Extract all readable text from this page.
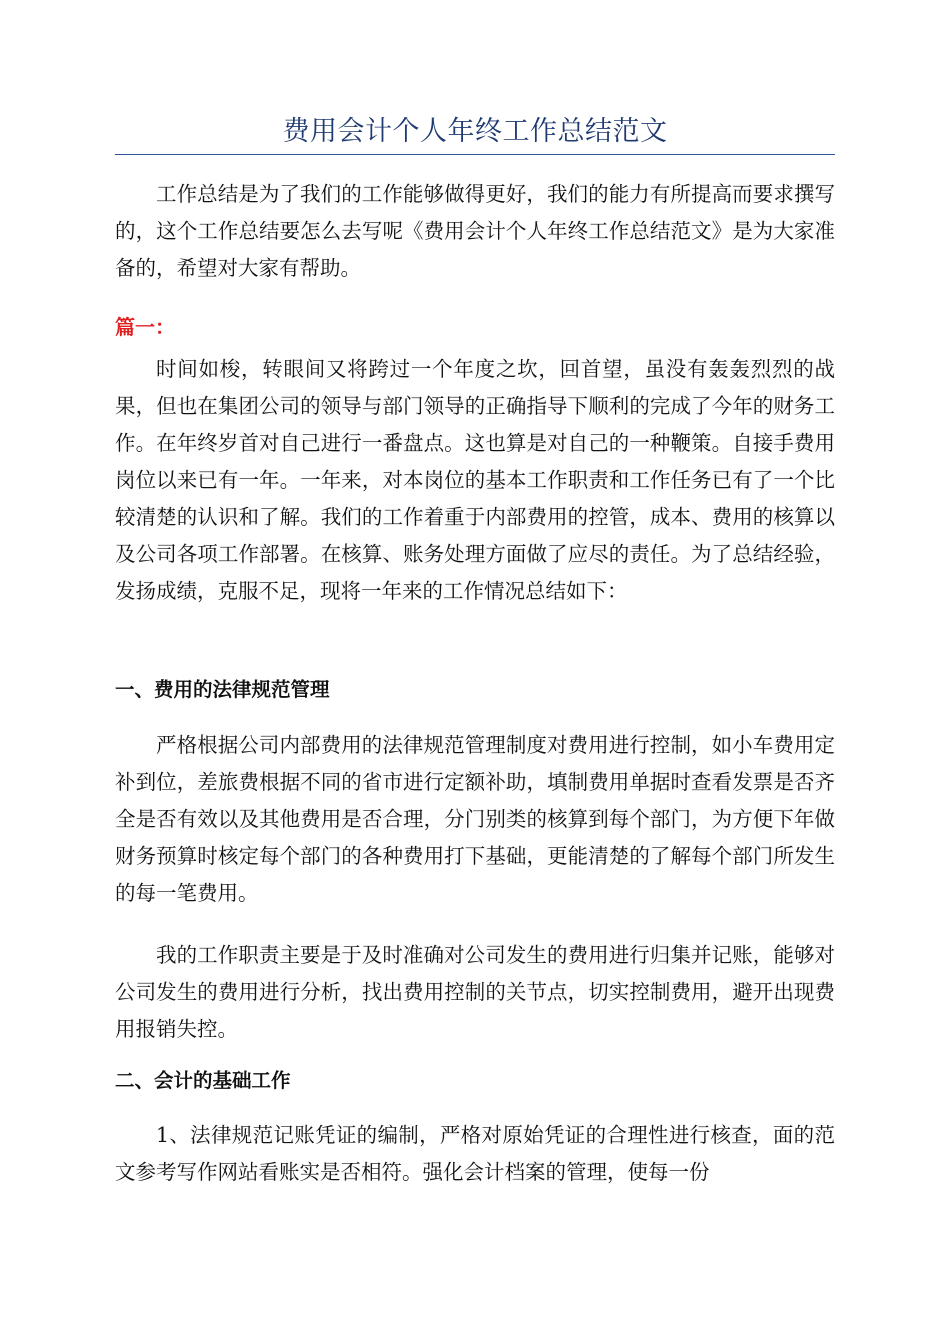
费用会计个人年终工作总结范文

工作总结是为了我们的工作能够做得更好，我们的能力有所提高而要求撰写的，这个工作总结要怎么去写呢《费用会计个人年终工作总结范文》是为大家准备的，希望对大家有帮助。

篇一：

时间如梭，转眼间又将跨过一个年度之坎，回首望，虽没有轰轰烈烈的战果，但也在集团公司的领导与部门领导的正确指导下顺利的完成了今年的财务工作。在年终岁首对自己进行一番盘点。这也算是对自己的一种鞭策。自接手费用岗位以来已有一年。一年来，对本岗位的基本工作职责和工作任务已有了一个比较清楚的认识和了解。我们的工作着重于内部费用的控管，成本、费用的核算以及公司各项工作部署。在核算、账务处理方面做了应尽的责任。为了总结经验，发扬成绩，克服不足，现将一年来的工作情况总结如下：

一、费用的法律规范管理

严格根据公司内部费用的法律规范管理制度对费用进行控制，如小车费用定补到位，差旅费根据不同的省市进行定额补助，填制费用单据时查看发票是否齐全是否有效以及其他费用是否合理，分门别类的核算到每个部门，为方便下年做财务预算时核定每个部门的各种费用打下基础，更能清楚的了解每个部门所发生的每一笔费用。

我的工作职责主要是于及时准确对公司发生的费用进行归集并记账，能够对公司发生的费用进行分析，找出费用控制的关节点，切实控制费用，避开出现费用报销失控。

二、会计的基础工作

1、法律规范记账凭证的编制，严格对原始凭证的合理性进行核查，面的范文参考写作网站看账实是否相符。强化会计档案的管理，使每一份
